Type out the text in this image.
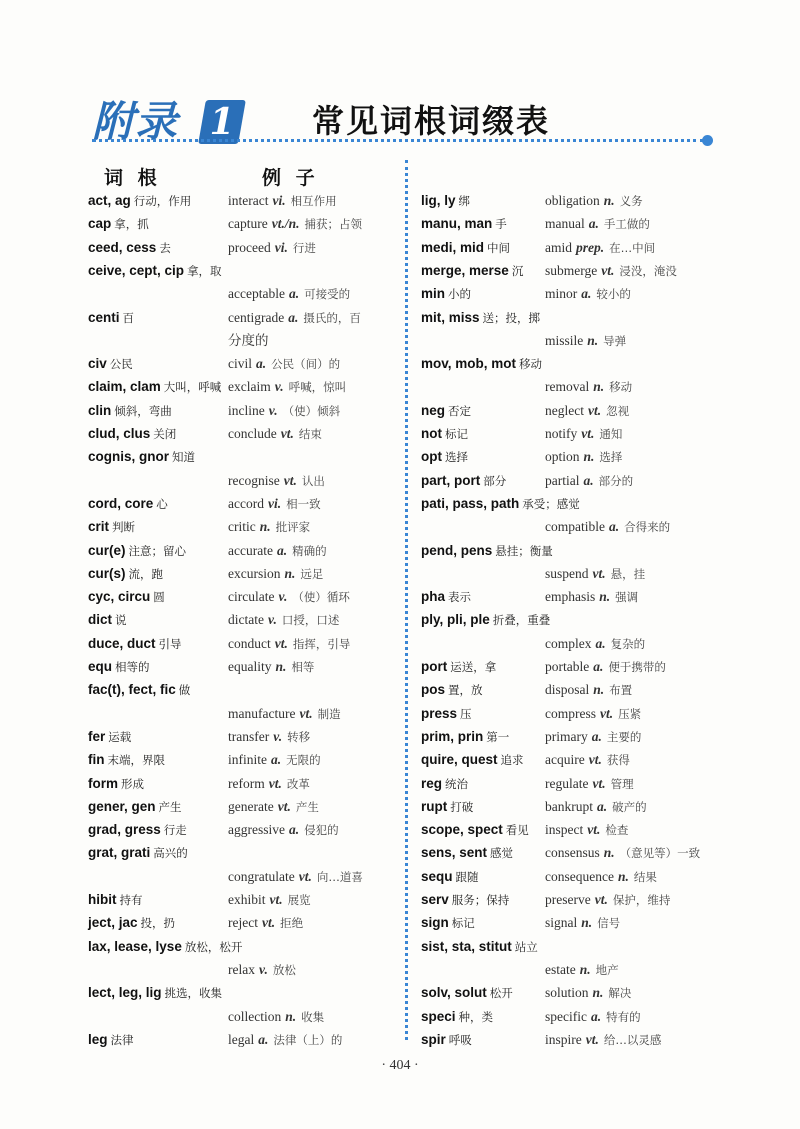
附录 1 常见词根词缀表
词 根	例 子
act, ag 行动，作用	interact vi. 相互作用
cap 拿，抓	capture vt./n. 捕获；占领
ceed, cess 去	proceed vi. 行进
ceive, cept, cip 拿，取
acceptable a. 可接受的
centi 百	centigrade a. 摄氏的，百
分度的
civ 公民	civil a. 公民（间）的
claim, clam 大叫，呼喊 exclaim v. 呼喊，惊叫
clin 倾斜，弯曲	incline v. （使）倾斜
clud, clus 关闭	conclude vt. 结束
cognis, gnor 知道
recognise vt. 认出
cord, core 心	accord vi. 相一致
crit 判断	critic n. 批评家
cur(e) 注意；留心	accurate a. 精确的
cur(s) 流，跑	excursion n. 远足
cyc, circu 圆	circulate v. （使）循环
dict 说	dictate v. 口授，口述
duce, duct 引导	conduct vt. 指挥，引导
equ 相等的	equality n. 相等
fac(t), fect, fic 做
manufacture vt. 制造
fer 运载	transfer v. 转移
fin 末端，界限	infinite a. 无限的
form 形成	reform vt. 改革
gener, gen 产生	generate vt. 产生
grad, gress 行走	aggressive a. 侵犯的
grat, grati 高兴的
congratulate vt. 向…道喜
hibit 持有	exhibit vt. 展览
ject, jac 投，扔	reject vt. 拒绝
lax, lease, lyse 放松，松开
relax v. 放松
lect, leg, lig 挑选，收集
collection n. 收集
leg 法律	legal a. 法律（上）的
lig, ly 绑	obligation n. 义务
manu, man 手	manual a. 手工做的
medi, mid 中间	amid prep. 在…中间
merge, merse 沉 submerge vt. 浸没，淹没
min 小的	minor a. 较小的
mit, miss 送；投，掷
missile n. 导弹
mov, mob, mot 移动
removal n. 移动
neg 否定	neglect vt. 忽视
not 标记	notify vt. 通知
opt 选择	option n. 选择
part, port 部分	partial a. 部分的
pati, pass, path 承受；感觉
compatible a. 合得来的
pend, pens 悬挂；衡量
suspend vt. 悬，挂
pha 表示	emphasis n. 强调
ply, pli, ple 折叠，重叠
complex a. 复杂的
port 运送，拿	portable a. 便于携带的
pos 置，放	disposal n. 布置
press 压	compress vt. 压紧
prim, prin 第一	primary a. 主要的
quire, quest 追求 acquire vt. 获得
reg 统治	regulate vt. 管理
rupt 打破	bankrupt a. 破产的
scope, spect 看见 inspect vt. 检查
sens, sent 感觉 consensus n. （意见等）一致
sequ 跟随	consequence n. 结果
serv 服务；保持	preserve vt. 保护，维持
sign 标记	signal n. 信号
sist, sta, stitut 站立
estate n. 地产
solv, solut 松开 solution n. 解决
speci 种，类	specific a. 特有的
spir 呼吸	inspire vt. 给…以灵感
· 404 ·
